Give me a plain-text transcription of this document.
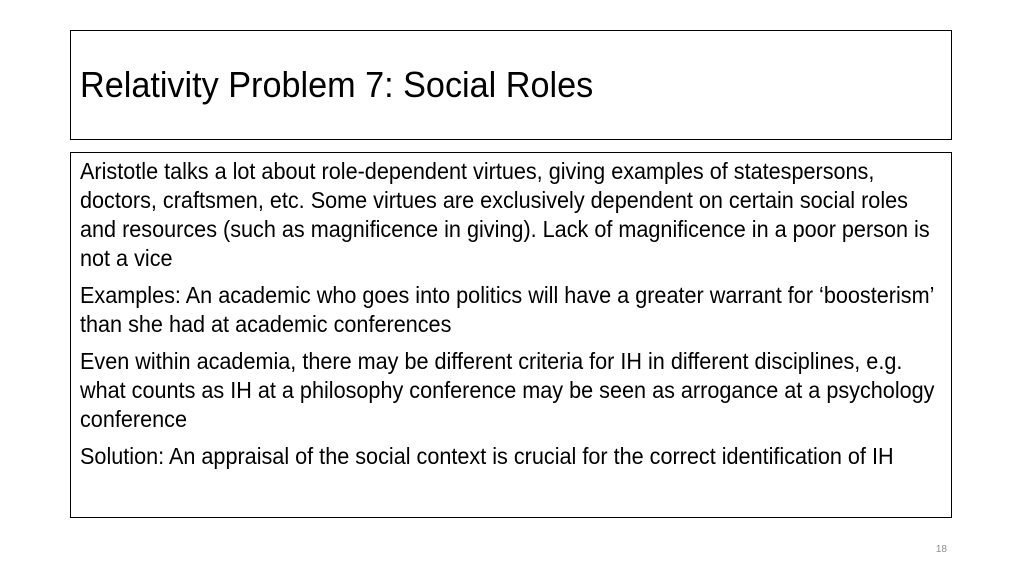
Relativity Problem 7: Social Roles

Aristotle talks a lot about role-dependent virtues, giving examples of statespersons, doctors, craftsmen, etc. Some virtues are exclusively dependent on certain social roles and resources (such as magnificence in giving). Lack of magnificence in a poor person is not a vice

Examples: An academic who goes into politics will have a greater warrant for ‘boosterism’ than she had at academic conferences

Even within academia, there may be different criteria for IH in different disciplines, e.g. what counts as IH at a philosophy conference may be seen as arrogance at a psychology conference

Solution: An appraisal of the social context is crucial for the correct identification of IH

18
